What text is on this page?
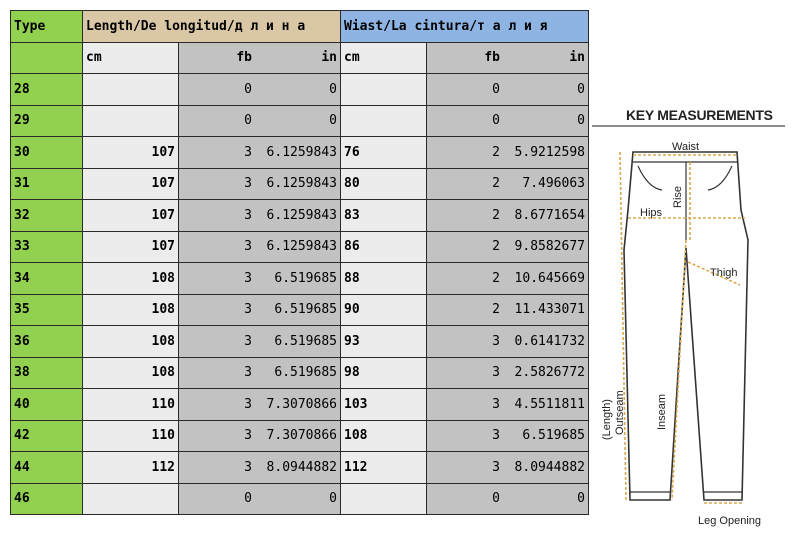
Type	Length/De longitud/д л и н а		Wiast/La cintura/т а л и я	
	cm	fb in	cm	fb in

28		0 0		0 0

29		0 0		0 0

30	107	3 6.1259843	76	2 5.9212598

31	107	3 6.1259843	80	2 7.496063

32	107	3 6.1259843	83	2 8.6771654

33	107	3 6.1259843	86	2 9.8582677

34	108	3 6.519685	88	2 10.645669

35	108	3 6.519685	90	2 11.433071

36	108	3 6.519685	93	3 0.6141732

38	108	3 6.519685	98	3 2.5826772

40	110	3 7.3070866	103	3 4.5511811

42	110	3 7.3070866	108	3 6.519685

44	112	3 8.0944882	112	3 8.0944882

46		0 0		0 0
KEY MEASUREMENTS
Waist
Rise
Hips
Thigh
(Length) Outseam	Inseam
Leg Opening
